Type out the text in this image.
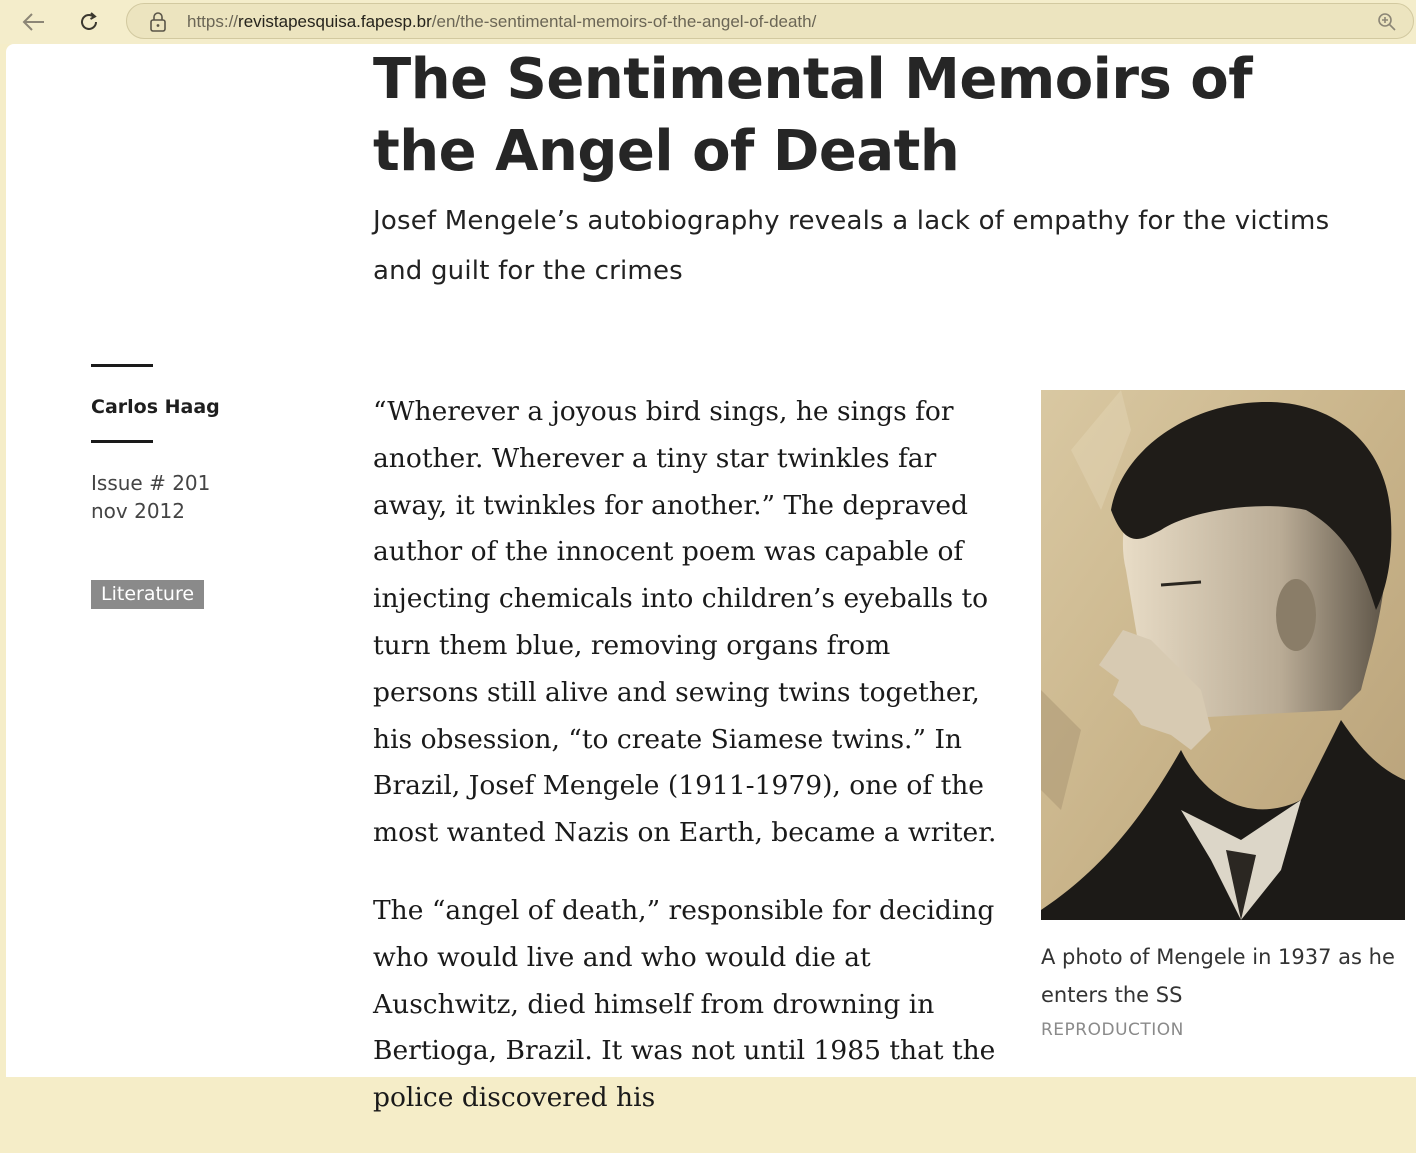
https://revistapesquisa.fapesp.br/en/the-sentimental-memoirs-of-the-angel-of-death/
The Sentimental Memoirs of the Angel of Death

Josef Mengele’s autobiography reveals a lack of empathy for the victims and guilt for the crimes

Carlos Haag
Issue # 201
nov 2012
Literature

“Wherever a joyous bird sings, he sings for another. Wherever a tiny star twinkles far away, it twinkles for another.” The depraved author of the innocent poem was capable of injecting chemicals into children’s eyeballs to turn them blue, removing organs from persons still alive and sewing twins together, his obsession, “to create Siamese twins.” In Brazil, Josef Mengele (1911-1979), one of the most wanted Nazis on Earth, became a writer.

The “angel of death,” responsible for deciding who would live and who would die at Auschwitz, died himself from drowning in Bertioga, Brazil. It was not until 1985 that the police discovered his

A photo of Mengele in 1937 as he enters the SS
REPRODUCTION
